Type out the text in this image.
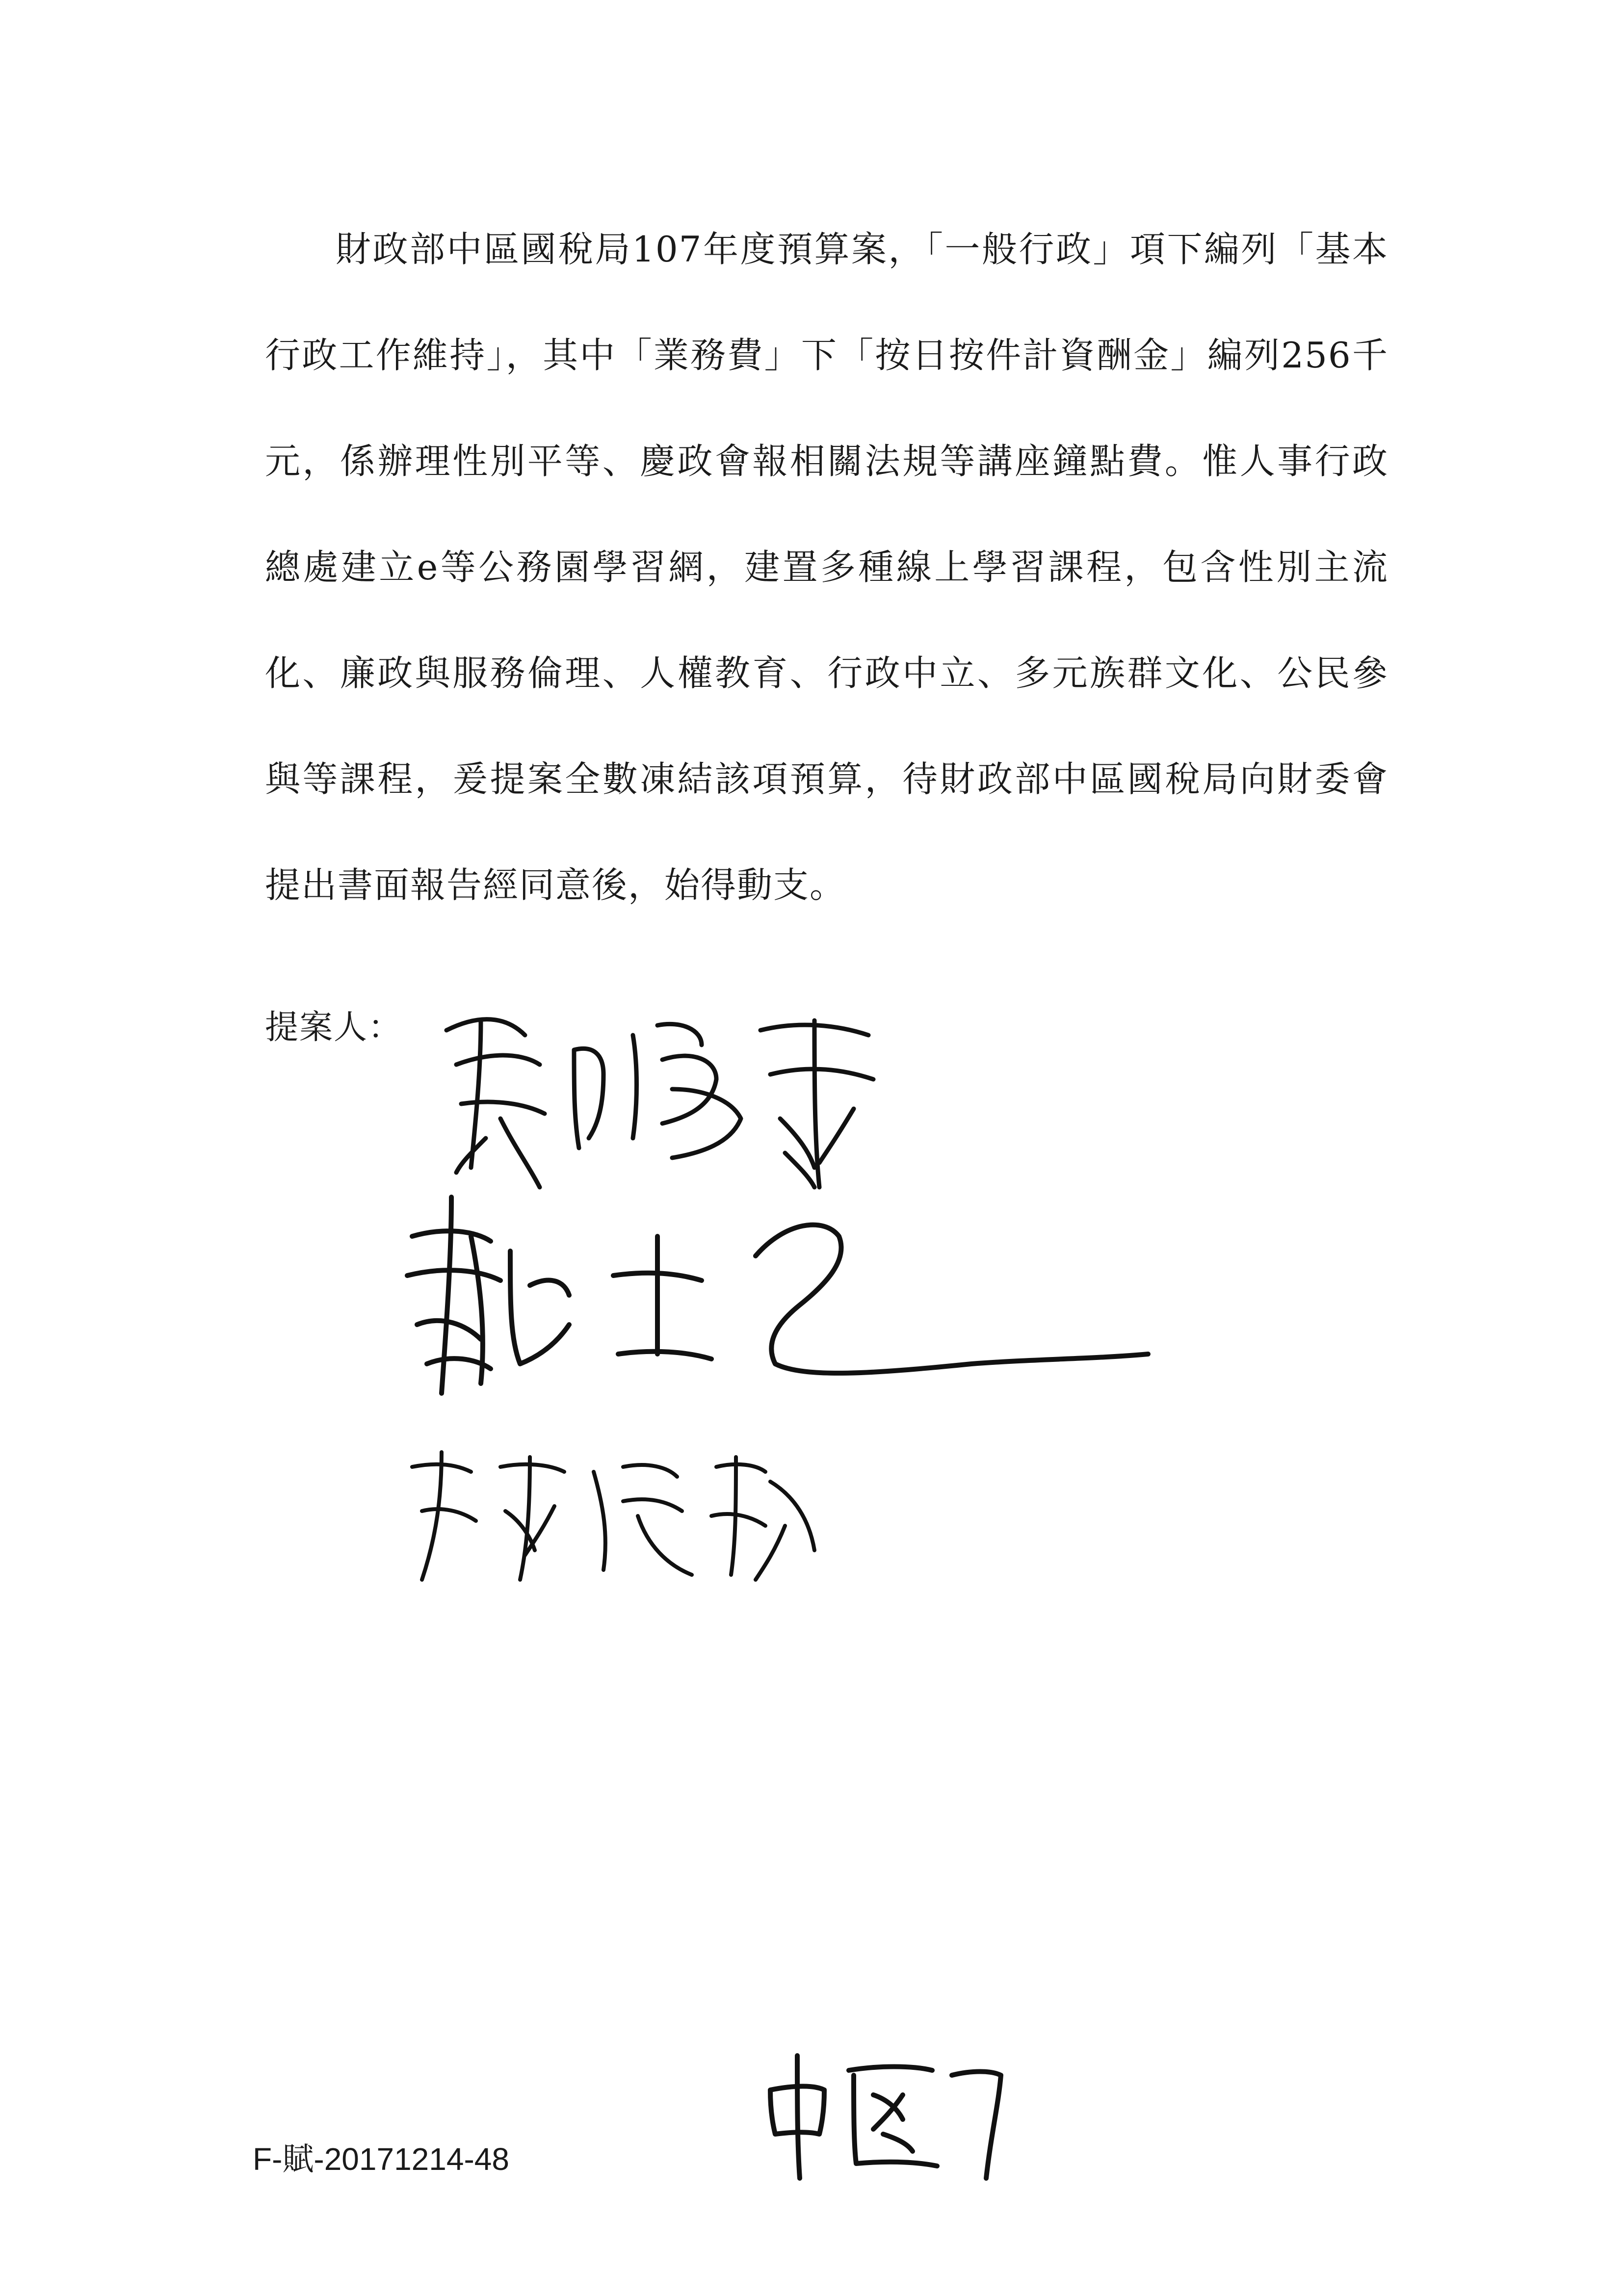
財政部中區國稅局107年度預算案，「一般行政」項下編列「基本行政工作維持」，其中「業務費」下「按日按件計資酬金」編列256千元，係辦理性別平等、慶政會報相關法規等講座鐘點費。惟人事行政總處建立e等公務園學習網，建置多種線上學習課程，包含性別主流化、廉政與服務倫理、人權教育、行政中立、多元族群文化、公民參與等課程，爰提案全數凍結該項預算，待財政部中區國稅局向財委會提出書面報告經同意後，始得動支。

提案人：
F-賦-20171214-48
